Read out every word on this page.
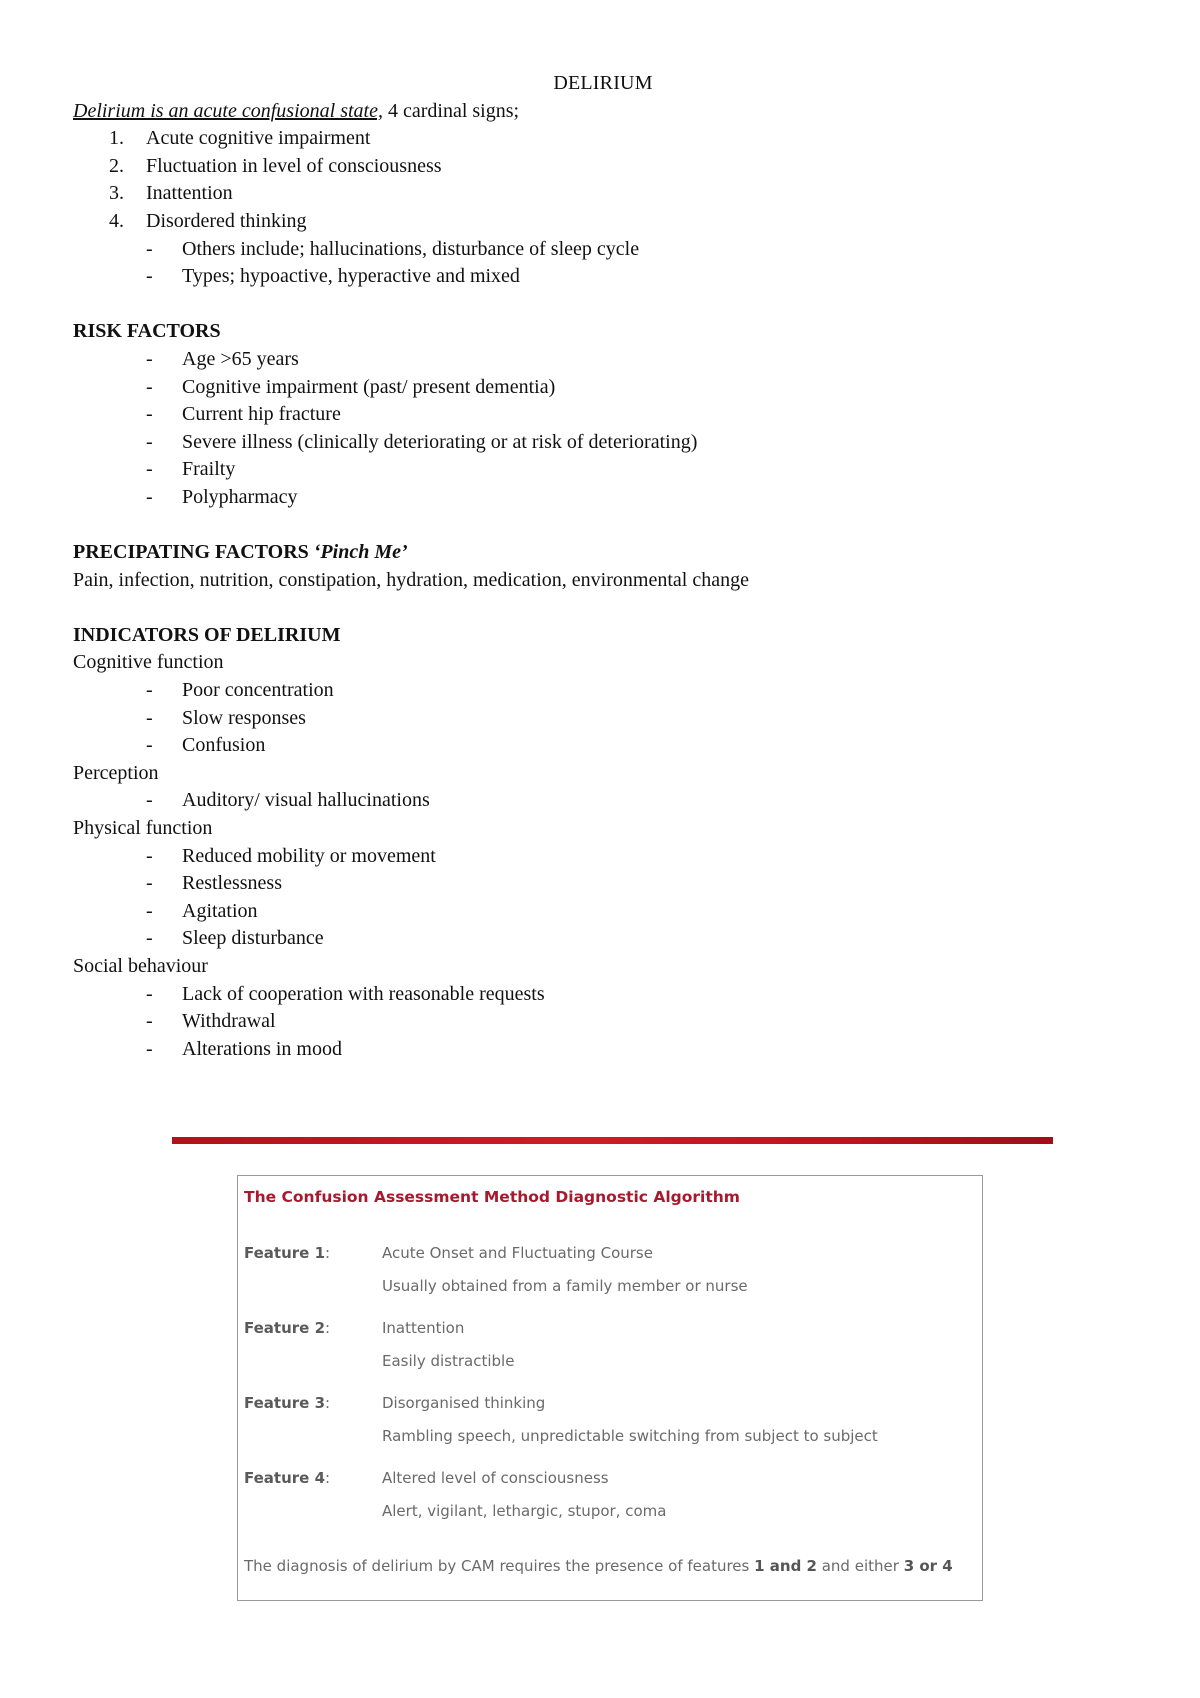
DELIRIUM
Delirium is an acute confusional state, 4 cardinal signs;
1. Acute cognitive impairment
2. Fluctuation in level of consciousness
3. Inattention
4. Disordered thinking
- Others include; hallucinations, disturbance of sleep cycle
- Types; hypoactive, hyperactive and mixed
RISK FACTORS
- Age >65 years
- Cognitive impairment (past/ present dementia)
- Current hip fracture
- Severe illness (clinically deteriorating or at risk of deteriorating)
- Frailty
- Polypharmacy
PRECIPATING FACTORS ‘Pinch Me’
Pain, infection, nutrition, constipation, hydration, medication, environmental change
INDICATORS OF DELIRIUM
Cognitive function
- Poor concentration
- Slow responses
- Confusion
Perception
- Auditory/ visual hallucinations
Physical function
- Reduced mobility or movement
- Restlessness
- Agitation
- Sleep disturbance
Social behaviour
- Lack of cooperation with reasonable requests
- Withdrawal
- Alterations in mood
The Confusion Assessment Method Diagnostic Algorithm
Feature 1:	Acute Onset and Fluctuating Course
Usually obtained from a family member or nurse
Feature 2:	Inattention
Easily distractible
Feature 3:	Disorganised thinking
Rambling speech, unpredictable switching from subject to subject
Feature 4:	Altered level of consciousness
Alert, vigilant, lethargic, stupor, coma
The diagnosis of delirium by CAM requires the presence of features 1 and 2 and either 3 or 4
